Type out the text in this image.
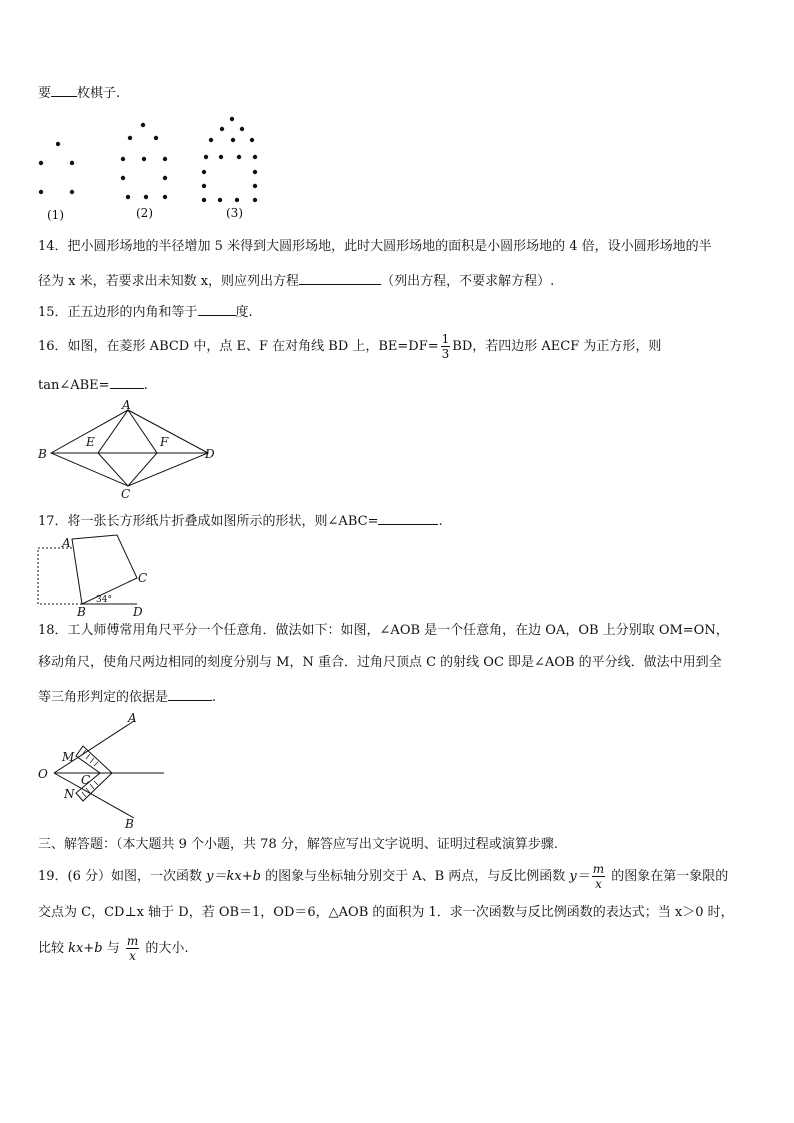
要 枚棋子.
(1)	(2)	(3)
14．把小圆形场地的半径增加 5 米得到大圆形场地，此时大圆形场地的面积是小圆形场地的 4 倍，设小圆形场地的半
径为 x 米，若要求出未知数 x，则应列出方程	（列出方程，不要求解方程）.
15．正五边形的内角和等于	度.
16．如图，在菱形 ABCD 中，点 E、F 在对角线 BD 上，$BE=DF= \frac{1}{3}$ BD，若四边形 AECF 为正方形，则
tan∠ABE=	.
A
B
C
D
E	F
17．将一张长方形纸片折叠成如图所示的形状，则∠ABC=	.
A
B
C
D
34°
18．工人师傅常用角尺平分一个任意角．做法如下：如图，∠AOB 是一个任意角，在边 OA，OB 上分别取 OM=ON，
移动角尺，使角尺两边相同的刻度分别与 M，N 重合．过角尺顶点 C 的射线 OC 即是∠AOB 的平分线．做法中用到全
等三角形判定的依据是	.
A
B
O
M
N
C
三、解答题：（本大题共 9 个小题，共 78 分，解答应写出文字说明、证明过程或演算步骤.
19．(6 分）如图，一次函数 y＝kx+b 的图象与坐标轴分别交于 A、B 两点，与反比例函数 $y= \frac{m}{x}$ 的图象在第一象限的
交点为 C，CD⊥x 轴于 D，若 OB＝1，OD＝6，△AOB 的面积为 1．求一次函数与反比例函数的表达式；当 x＞0 时，
比较 kx+b 与 $\frac{m}{x}$ 的大小.
